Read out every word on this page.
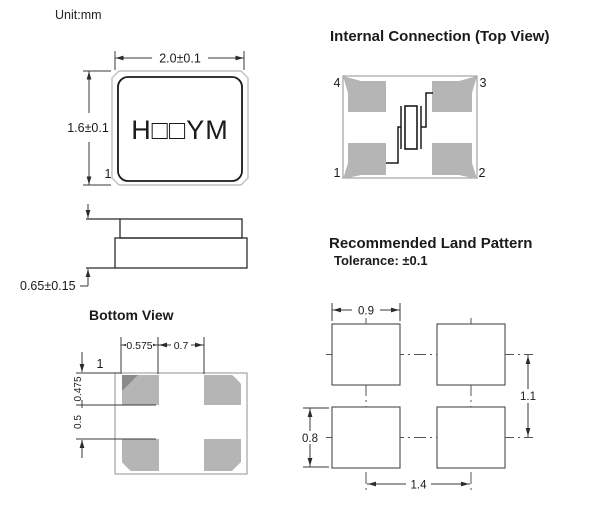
Unit:mm
2.0±0.1
1.6±0.1 H□□YM
1
0.65±0.15
Bottom View
1
0.575 0.7
0.475
0.5
Internal Connection (Top View)
4	3
1	2
Recommended Land Pattern
Tolerance: ±0.1
0.9
0.8
1.4
1.1
